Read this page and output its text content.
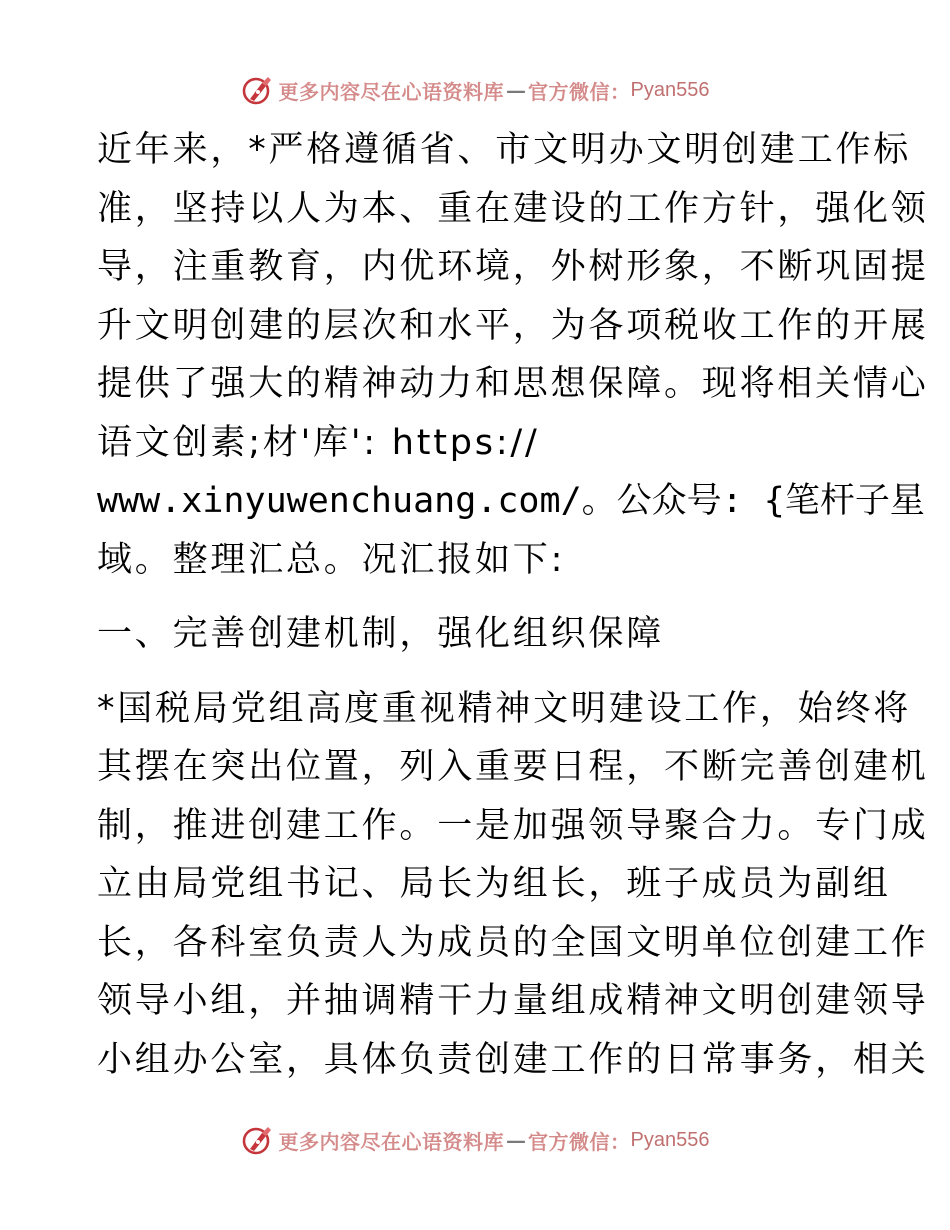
更多内容尽在心语资料库 — 官方微信： Pyan556
近年来，*严格遵循省、市文明办文明创建工作标
准，坚持以人为本、重在建设的工作方针，强化领
导，注重教育，内优环境，外树形象，不断巩固提
升文明创建的层次和水平，为各项税收工作的开展
提供了强大的精神动力和思想保障。现将相关情心
语文创素;材'库': https://
www.xinyuwenchuang.com/。公众号: {笔杆子星
域。整理汇总。况汇报如下:
一、完善创建机制，强化组织保障
*国税局党组高度重视精神文明建设工作，始终将
其摆在突出位置，列入重要日程，不断完善创建机
制，推进创建工作。一是加强领导聚合力。专门成
立由局党组书记、局长为组长，班子成员为副组
长，各科室负责人为成员的全国文明单位创建工作
领导小组，并抽调精干力量组成精神文明创建领导
小组办公室，具体负责创建工作的日常事务，相关
更多内容尽在心语资料库 — 官方微信： Pyan556
